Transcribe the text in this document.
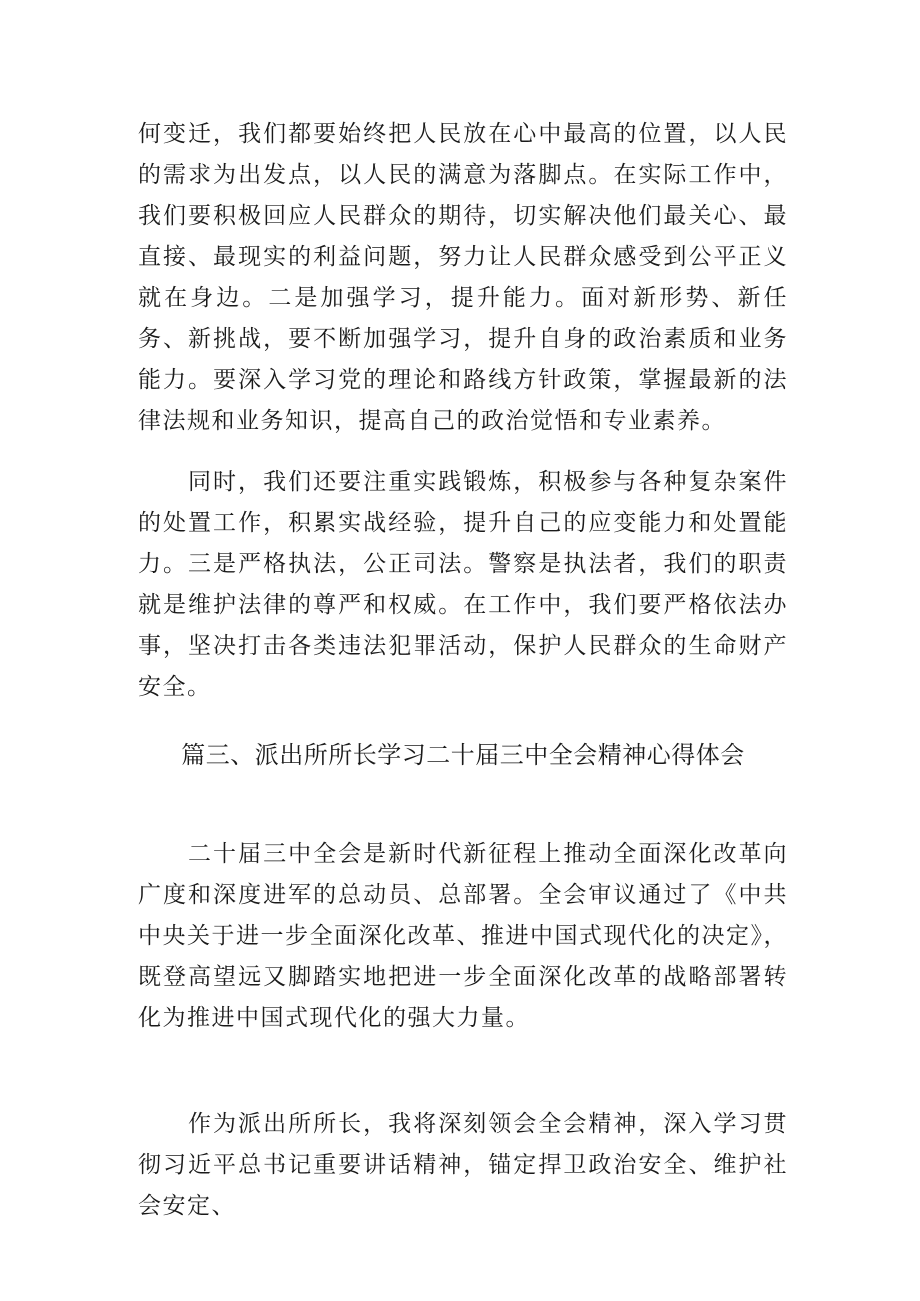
何变迁，我们都要始终把人民放在心中最高的位置，以人民的需求为出发点，以人民的满意为落脚点。在实际工作中，我们要积极回应人民群众的期待，切实解决他们最关心、最直接、最现实的利益问题，努力让人民群众感受到公平正义就在身边。二是加强学习，提升能力。面对新形势、新任务、新挑战，要不断加强学习，提升自身的政治素质和业务能力。要深入学习党的理论和路线方针政策，掌握最新的法律法规和业务知识，提高自己的政治觉悟和专业素养。

同时，我们还要注重实践锻炼，积极参与各种复杂案件的处置工作，积累实战经验，提升自己的应变能力和处置能力。三是严格执法，公正司法。警察是执法者，我们的职责就是维护法律的尊严和权威。在工作中，我们要严格依法办事，坚决打击各类违法犯罪活动，保护人民群众的生命财产安全。

篇三、派出所所长学习二十届三中全会精神心得体会

二十届三中全会是新时代新征程上推动全面深化改革向广度和深度进军的总动员、总部署。全会审议通过了《中共中央关于进一步全面深化改革、推进中国式现代化的决定》，既登高望远又脚踏实地把进一步全面深化改革的战略部署转化为推进中国式现代化的强大力量。

作为派出所所长，我将深刻领会全会精神，深入学习贯彻习近平总书记重要讲话精神，锚定捍卫政治安全、维护社会安定、
